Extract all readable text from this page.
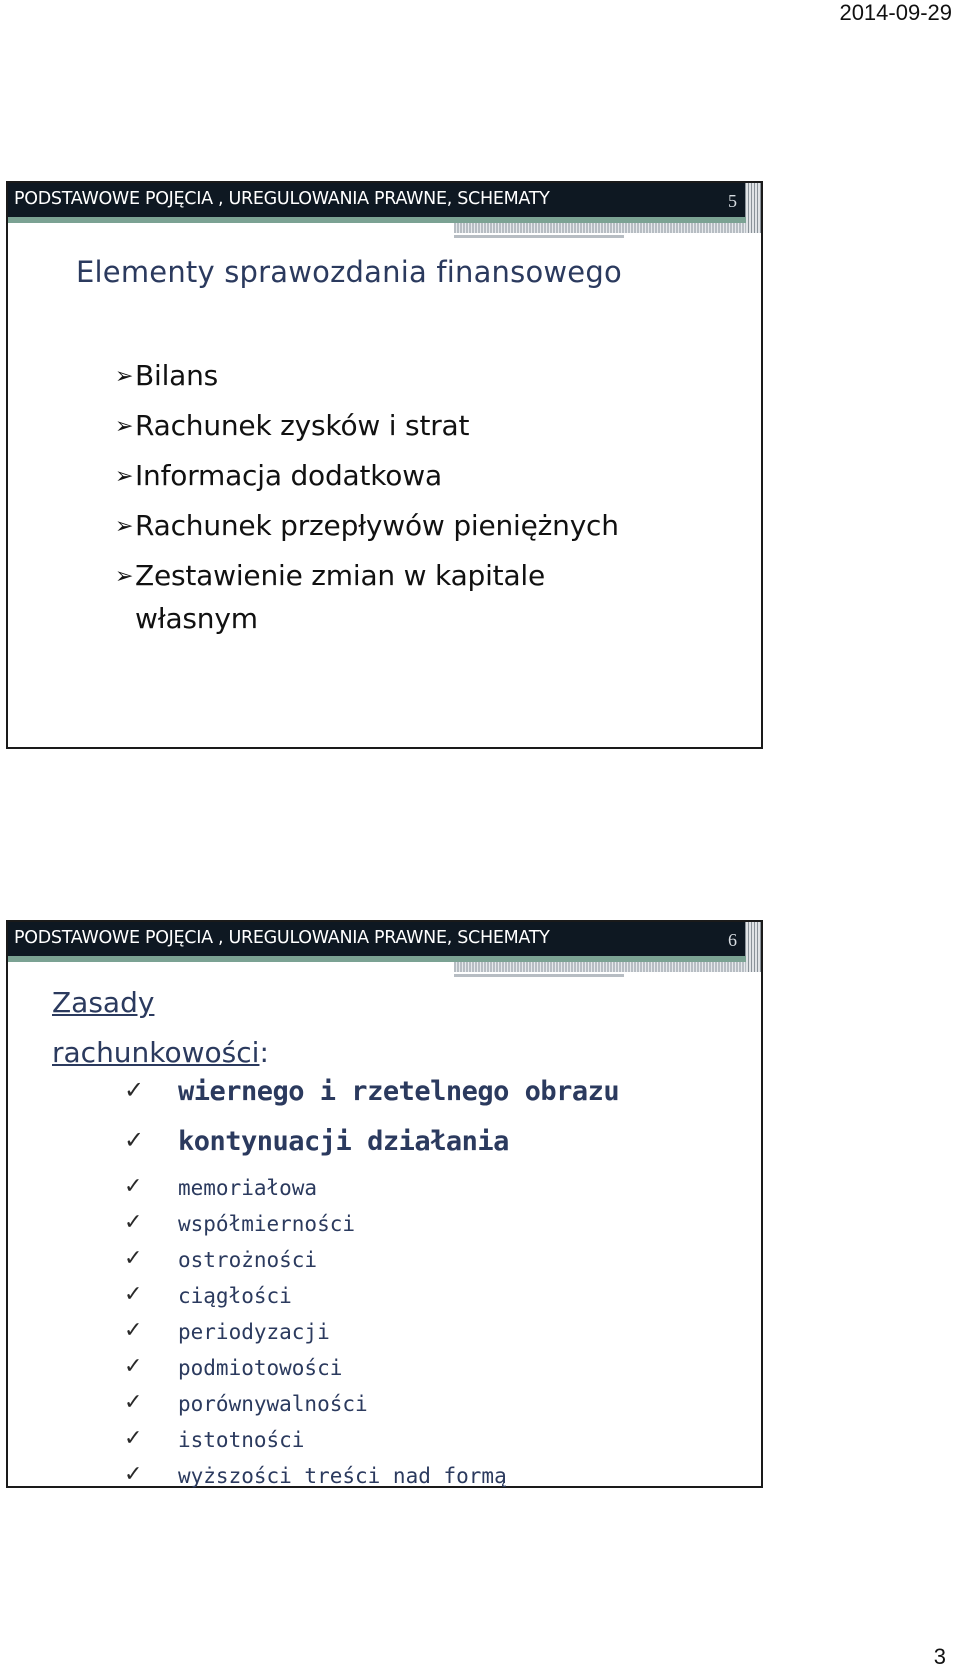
2014-09-29
PODSTAWOWE POJĘCIA , UREGULOWANIA PRAWNE, SCHEMATY	5
Elementy sprawozdania finansowego
➢Bilans
➢Rachunek zysków i strat
➢Informacja dodatkowa
➢Rachunek przepływów pieniężnych
➢Zestawienie zmian w kapitale
własnym
PODSTAWOWE POJĘCIA , UREGULOWANIA PRAWNE, SCHEMATY	6
Zasady
rachunkowości:
✓ wiernego i rzetelnego obrazu
✓ kontynuacji działania
✓ memoriałowa
✓ współmierności
✓ ostrożności
✓ ciągłości
✓ periodyzacji
✓ podmiotowości
✓ porównywalności
✓ istotności
✓ wyższości treści nad formą
3
